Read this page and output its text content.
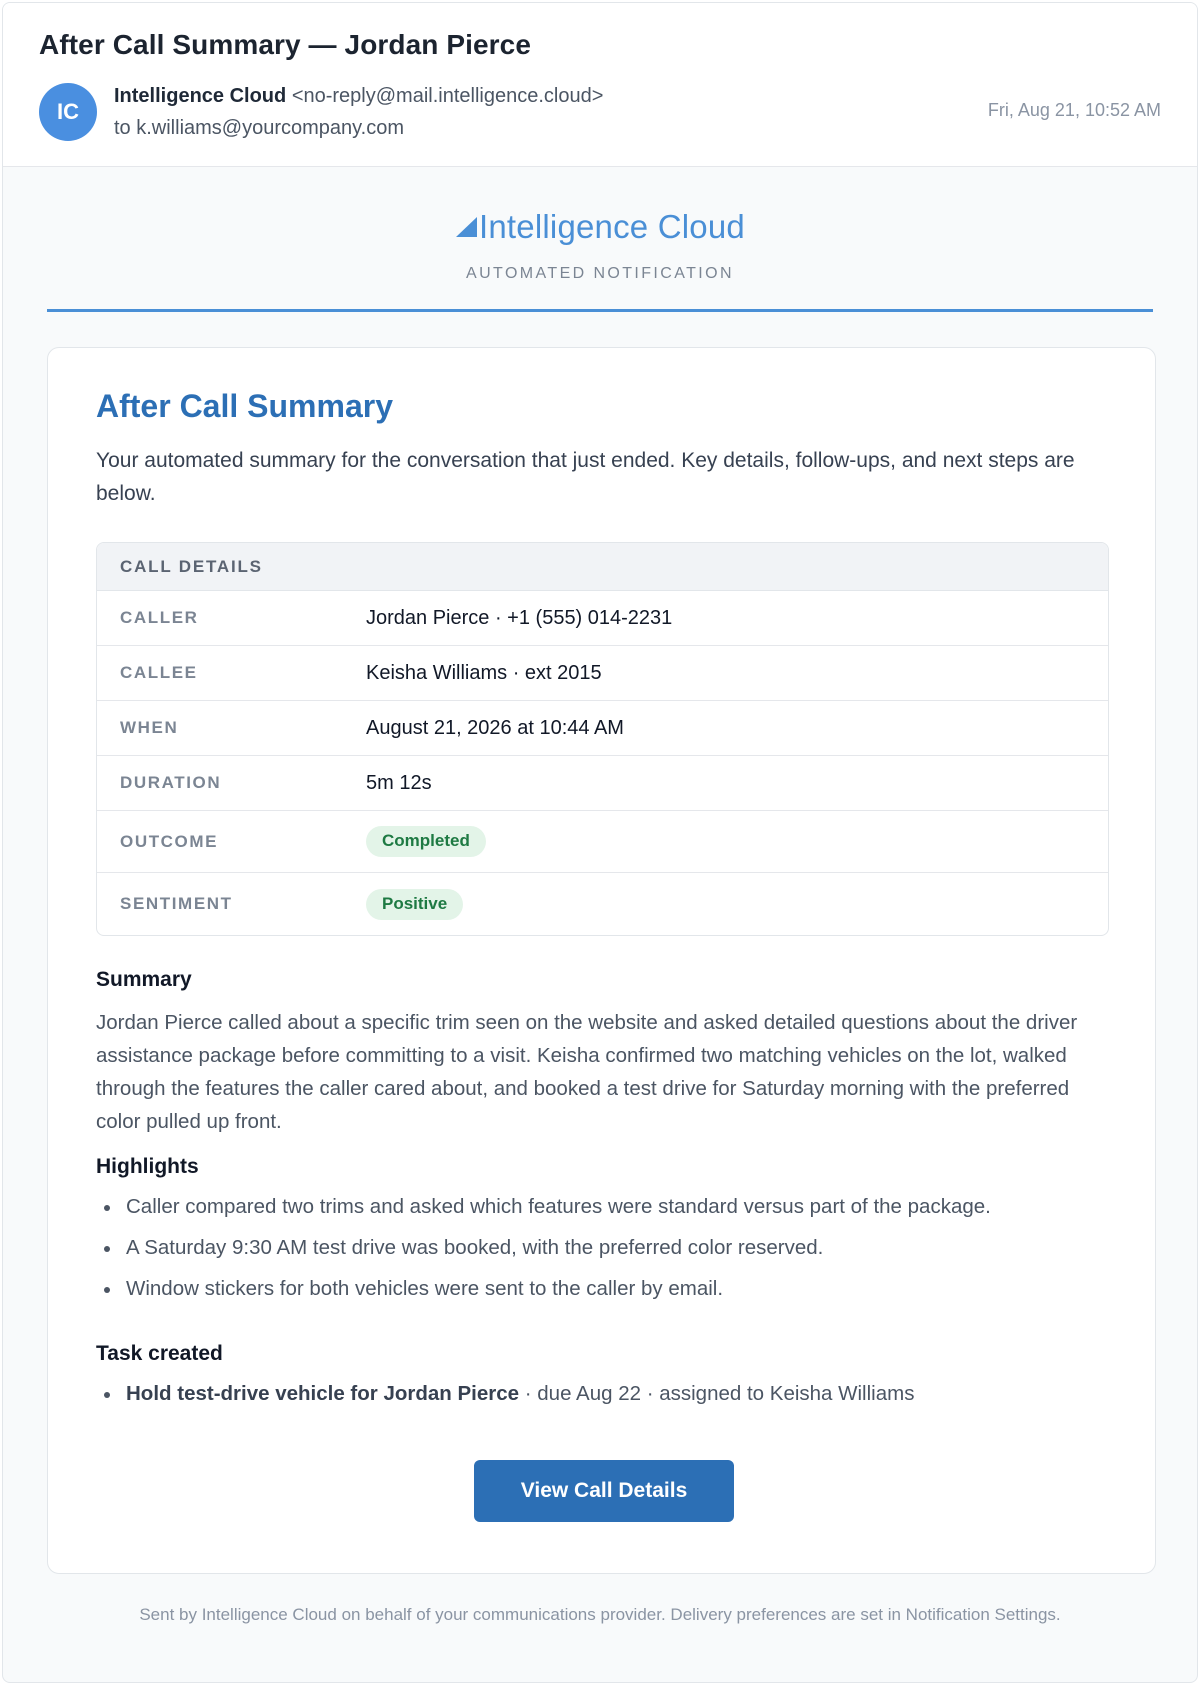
After Call Summary — Jordan Pierce
IC
Intelligence Cloud <no-reply@mail.intelligence.cloud>
to k.williams@yourcompany.com
Fri, Aug 21, 10:52 AM
Intelligence Cloud
AUTOMATED NOTIFICATION
After Call Summary
Your automated summary for the conversation that just ended. Key details, follow-ups, and next steps are below.
CALL DETAILS
CALLER	Jordan Pierce · +1 (555) 014-2231
CALLEE	Keisha Williams · ext 2015
WHEN	August 21, 2026 at 10:44 AM
DURATION	5m 12s
OUTCOME	Completed
SENTIMENT	Positive
Summary
Jordan Pierce called about a specific trim seen on the website and asked detailed questions about the driver assistance package before committing to a visit. Keisha confirmed two matching vehicles on the lot, walked through the features the caller cared about, and booked a test drive for Saturday morning with the preferred color pulled up front.
Highlights
Caller compared two trims and asked which features were standard versus part of the package.
A Saturday 9:30 AM test drive was booked, with the preferred color reserved.
Window stickers for both vehicles were sent to the caller by email.
Task created
Hold test-drive vehicle for Jordan Pierce · due Aug 22 · assigned to Keisha Williams
View Call Details
Sent by Intelligence Cloud on behalf of your communications provider. Delivery preferences are set in Notification Settings.
